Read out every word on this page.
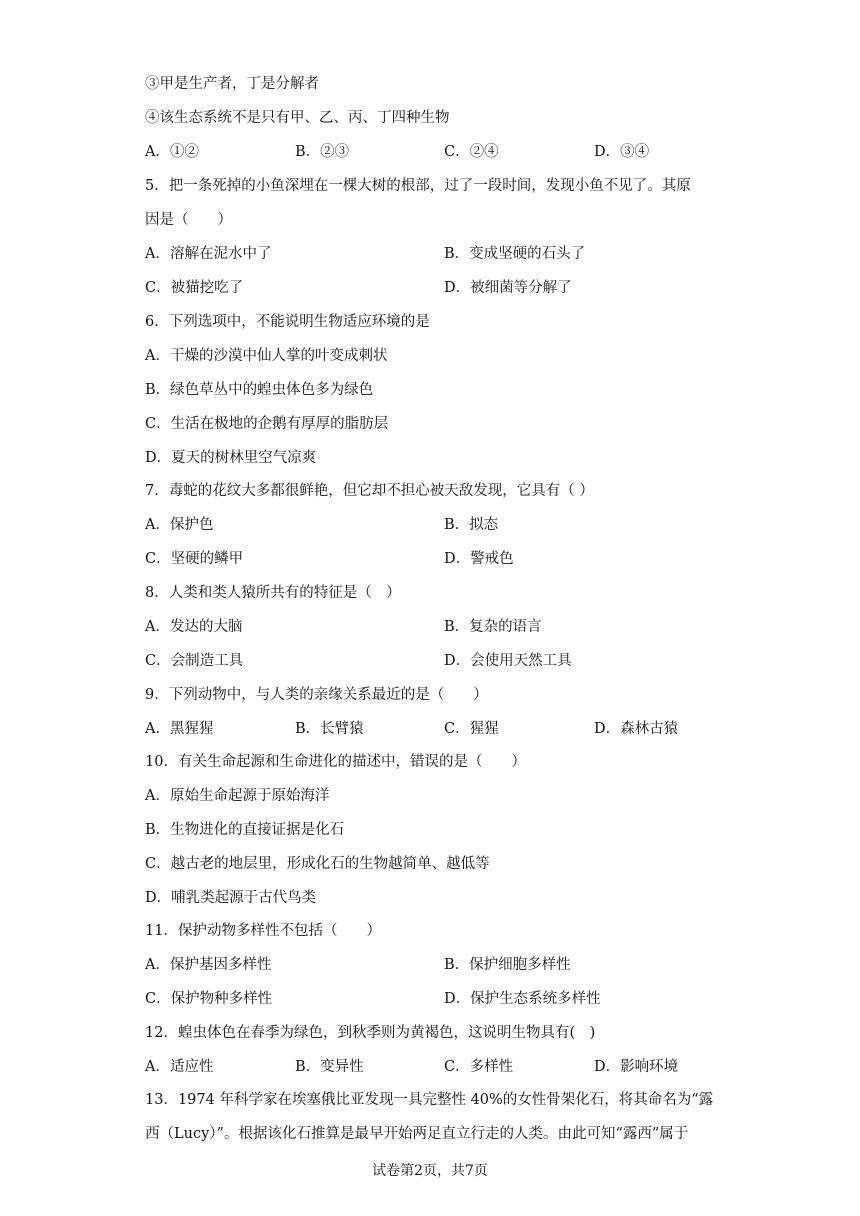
③甲是生产者，丁是分解者
④该生态系统不是只有甲、乙、丙、丁四种生物
A．①②	B．②③	C．②④	D．③④
5．把一条死掉的小鱼深埋在一棵大树的根部，过了一段时间，发现小鱼不见了。其原
因是（　　）
A．溶解在泥水中了	B．变成坚硬的石头了
C．被猫挖吃了	D．被细菌等分解了
6．下列选项中，不能说明生物适应环境的是
A．干燥的沙漠中仙人掌的叶变成刺状
B．绿色草丛中的蝗虫体色多为绿色
C．生活在极地的企鹅有厚厚的脂肪层
D．夏天的树林里空气凉爽
7．毒蛇的花纹大多都很鲜艳，但它却不担心被天敌发现，它具有（ ）
A．保护色	B．拟态
C．坚硬的鳞甲	D．警戒色
8．人类和类人猿所共有的特征是（　）
A．发达的大脑	B．复杂的语言
C．会制造工具	D．会使用天然工具
9．下列动物中，与人类的亲缘关系最近的是（　　）
A．黑猩猩	B．长臂猿	C．猩猩	D．森林古猿
10．有关生命起源和生命进化的描述中，错误的是（　　）
A．原始生命起源于原始海洋
B．生物进化的直接证据是化石
C．越古老的地层里，形成化石的生物越简单、越低等
D．哺乳类起源于古代鸟类
11．保护动物多样性不包括（　　）
A．保护基因多样性	B．保护细胞多样性
C．保护物种多样性	D．保护生态系统多样性
12．蝗虫体色在春季为绿色，到秋季则为黄褐色，这说明生物具有(　)
A．适应性	B．变异性	C．多样性	D．影响环境
13．1974 年科学家在埃塞俄比亚发现一具完整性 40%的女性骨架化石，将其命名为“露
西（Lucy）”。根据该化石推算是最早开始两足直立行走的人类。由此可知“露西”属于
试卷第2页，共7页
